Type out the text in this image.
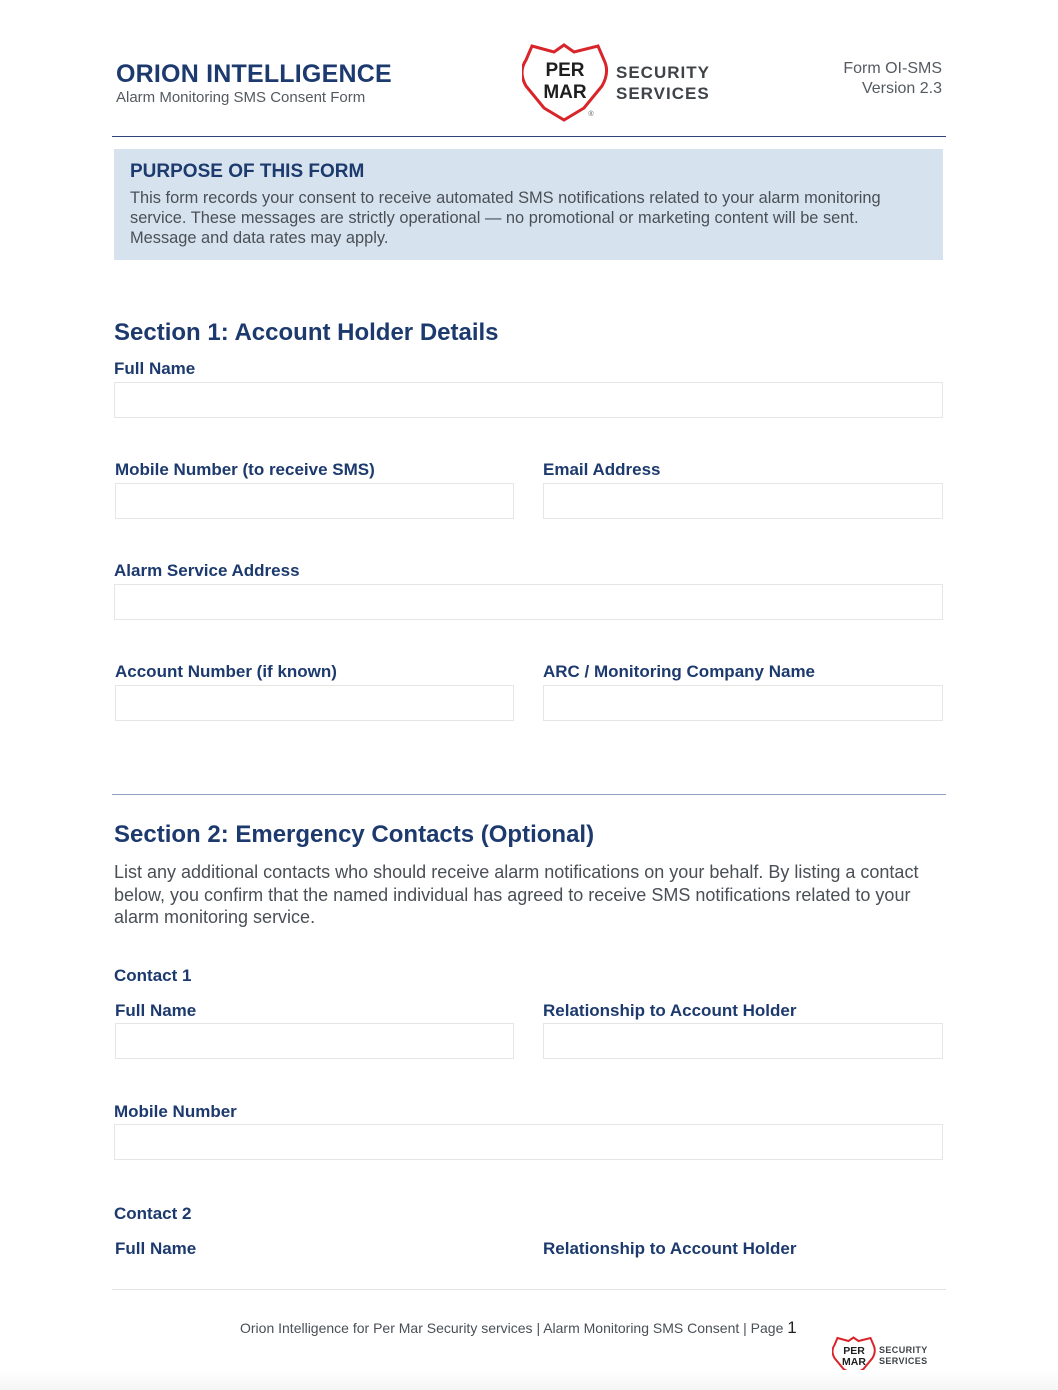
ORION INTELLIGENCE
Alarm Monitoring SMS Consent Form
PER
MAR
®
SECURITY
SERVICES
Form OI-SMS
Version 2.3
PURPOSE OF THIS FORM
This form records your consent to receive automated SMS notifications related to your alarm monitoring service. These messages are strictly operational — no promotional or marketing content will be sent. Message and data rates may apply.
Section 1: Account Holder Details
Full Name
Mobile Number (to receive SMS)	Email Address
Alarm Service Address
Account Number (if known)	ARC / Monitoring Company Name
Section 2: Emergency Contacts (Optional)
List any additional contacts who should receive alarm notifications on your behalf. By listing a contact below, you confirm that the named individual has agreed to receive SMS notifications related to your alarm monitoring service.
Contact 1
Full Name	Relationship to Account Holder
Mobile Number
Contact 2
Full Name	Relationship to Account Holder
Orion Intelligence for Per Mar Security services | Alarm Monitoring SMS Consent | Page 1
PER
MAR
SECURITY
SERVICES
